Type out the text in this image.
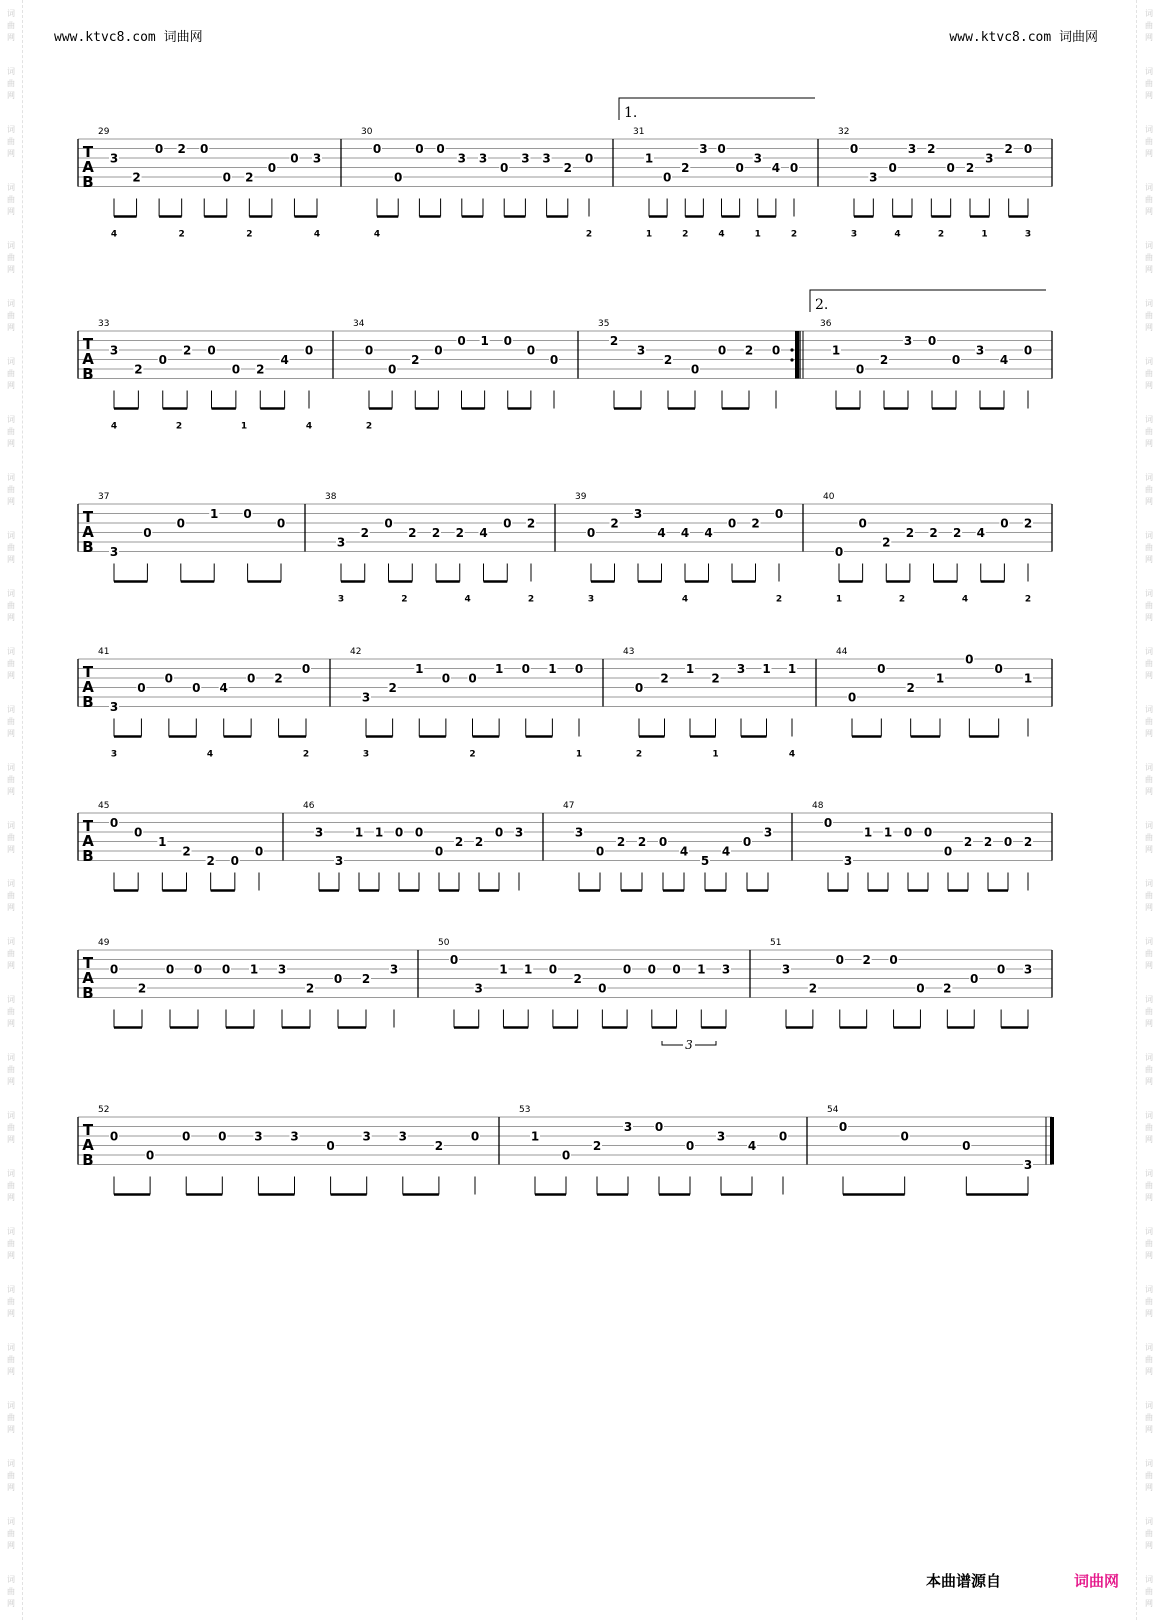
www.ktvc8.com 词曲网	www.ktvc8.com 词曲网
词
曲
网
词
曲
网
词
曲
网
词
曲
网
词
曲
网
词
曲
网
词
曲
网
词
曲
网
词
曲
网
词
曲
网
词
曲
网
词
曲
网
词
曲
网
词
曲
网
词
曲
网
词
曲
网
词
曲
网
词
曲
网
词
曲
网
词
曲
网
词
曲
网
词
曲
网
词
曲
网
词
曲
网
词
曲
网
词
曲
网
词
曲
网
词
曲
网
词
曲
网
词
曲
网
词
曲
网
词
曲
网
词
曲
网
词
曲
网
词
曲
网
词
曲
网
词
曲
网
词
曲
网
词
曲
网
词
曲
网
词
曲
网
词
曲
网
词
曲
网
词
曲
网
词
曲
网
词
曲
网
词
曲
网
词
曲
网
词
曲
网
词
曲
网
词
曲
网
词
曲
网
词
曲
网
词
曲
网
词
曲
网
词
曲
网
T
A
B
29
3
2
0 2 0
0 2
0
0 3
4	2	2	4
30
0
0
0 0
3 3
0
3 3
2
0
4	2
31
1
0
2
3 0
0
3
4 0
1	2	4	1	2
32
0
3
0
3 2
0 2
3
2 0
3	4	2	1	3
T
A
B
33
3
2
0
2 0
0 2
4
0
4	2	1	4
34
0
0
2
0
0 1 0
0
0
2
35
2
3
2
0
0 2 0
36
1
0
2
3 0
0
3
4
0
T
A
B
37
3
0
0
1 0
0
38
3
2
0
2 2 2 4
0 2
3	2	4	2
39
0
2
3
4 4 4
0 2
0
3	4	2
40
0
0
2
2 2 2 4
0 2
1	2	4	2
T
A
B
41
3
0
0
0 4
0 2
0
3	4	2
42
3
2
1
0 0
1 0 1 0
3	2	1
43
0
2
1
2
3 1 1
2	1	4
44
0
0
2
1
0
0
1
T
A
B
45
0
0
1
2
2 0
0
46
3
3
1 1 0 0
0
2 2
0 3
47
3
0
2 2 0
4
5
4
0
3
48
0
3
1 1 0 0
0
2 2 0 2
T
A
B
49
0
2
0 0 0 1 3
2
0 2
3
50
0
3
1 1 0
2
0
0 0 0 1 3
51
3
2
0 2 0
0 2
0
0 3
T
A
B
52
0
0
0 0 3 3
0
3 3
2
0
53
1
0
2
3 0
0
3
4
0
54
0
0
0
3
1.
2.
3
本曲谱源自	词曲网
